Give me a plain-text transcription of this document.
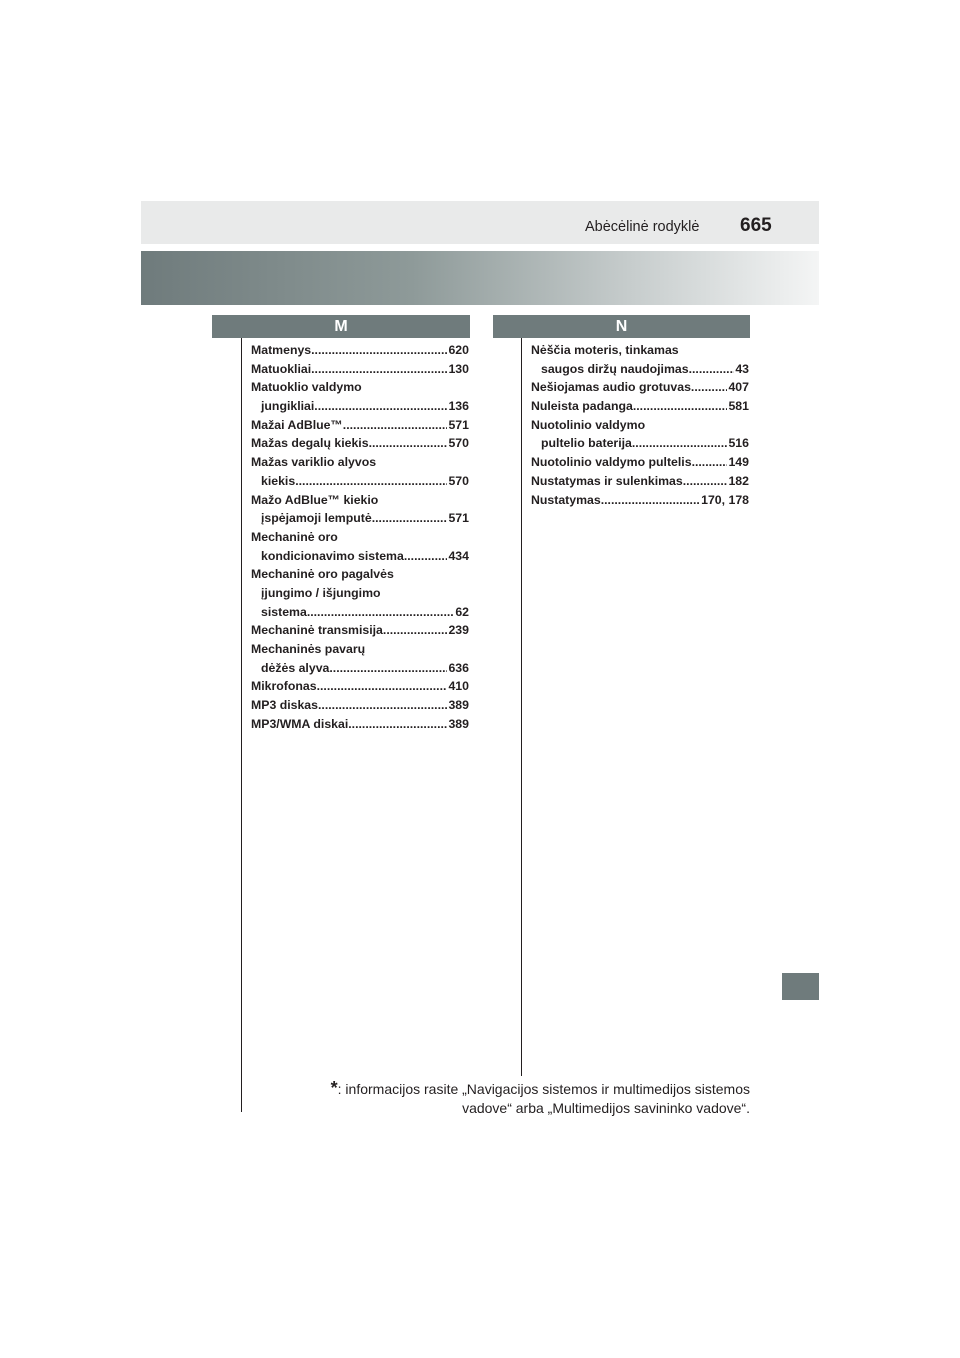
Abėcėlinė rodyklė 665
M	N
Matmenys .....	620
Matuokliai .....	130
Matuoklio valdymo
jungikliai .....	136
Mažai AdBlue™ .....	571
Mažas degalų kiekis .....	570
Mažas variklio alyvos
kiekis .....	570
Mažo AdBlue™ kiekio
įspėjamoji lemputė .....	571
Mechaninė oro
kondicionavimo sistema .....	434
Mechaninė oro pagalvės
įjungimo / išjungimo
sistema .....	62
Mechaninė transmisija .....	239
Mechaninės pavarų
dėžės alyva .....	636
Mikrofonas .....	410
MP3 diskas .....	389
MP3/WMA diskai .....	389
Nėščia moteris, tinkamas
saugos diržų naudojimas .....	43
Nešiojamas audio grotuvas .....	407
Nuleista padanga .....	581
Nuotolinio valdymo
pultelio baterija .....	516
Nuotolinio valdymo pultelis .....	149
Nustatymas ir sulenkimas .....	182
Nustatymas .....	170, 178
*: informacijos rasite „Navigacijos sistemos ir multimedijos sistemos
vadove“ arba „Multimedijos savininko vadove“.
